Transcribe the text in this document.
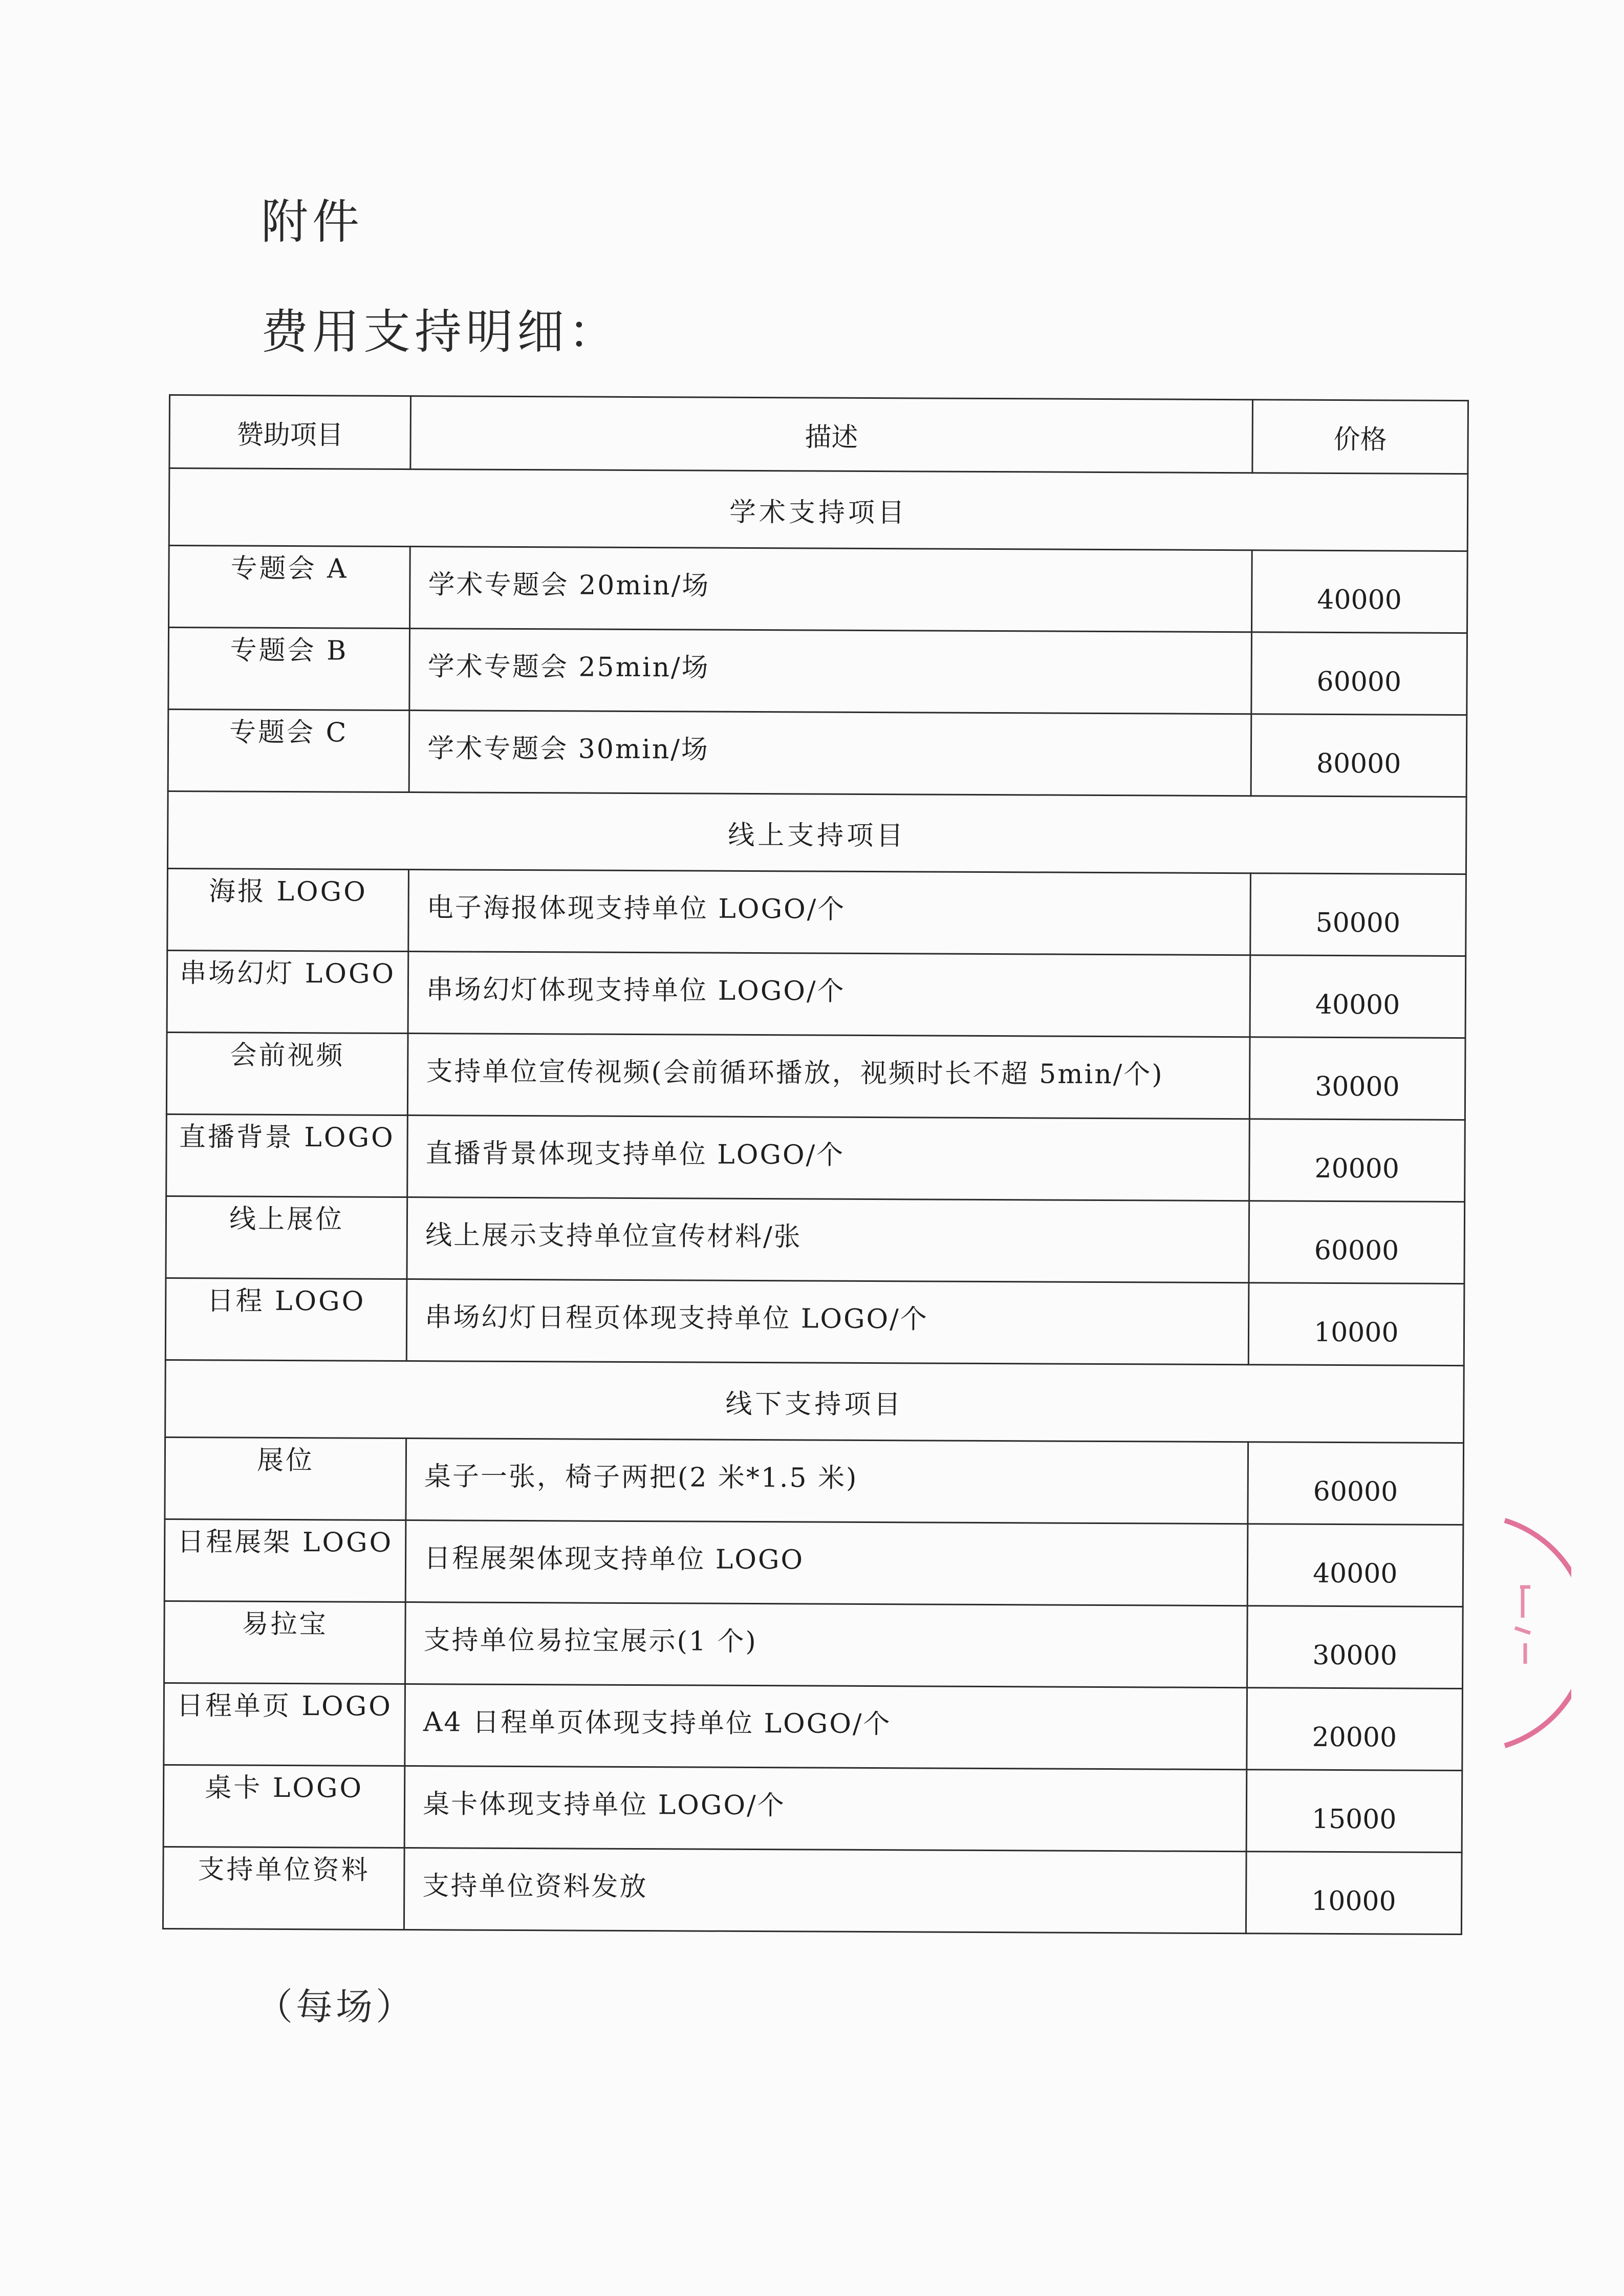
附件
费用支持明细：
赞助项目	描述	价格
学术支持项目		
专题会 A	学术专题会 20min/场	40000
专题会 B	学术专题会 25min/场	60000
专题会 C	学术专题会 30min/场	80000
线上支持项目		
海报 LOGO	电子海报体现支持单位 LOGO/个	50000
串场幻灯 LOGO	串场幻灯体现支持单位 LOGO/个	40000
会前视频	支持单位宣传视频(会前循环播放，视频时长不超 5min/个)	30000
直播背景 LOGO	直播背景体现支持单位 LOGO/个	20000
线上展位	线上展示支持单位宣传材料/张	60000
日程 LOGO	串场幻灯日程页体现支持单位 LOGO/个	10000
线下支持项目		
展位	桌子一张，椅子两把(2 米*1.5 米)	60000
日程展架 LOGO	日程展架体现支持单位 LOGO	40000
易拉宝	支持单位易拉宝展示(1 个)	30000
日程单页 LOGO	A4 日程单页体现支持单位 LOGO/个	20000
桌卡 LOGO	桌卡体现支持单位 LOGO/个	15000
支持单位资料	支持单位资料发放	10000
（每场）
